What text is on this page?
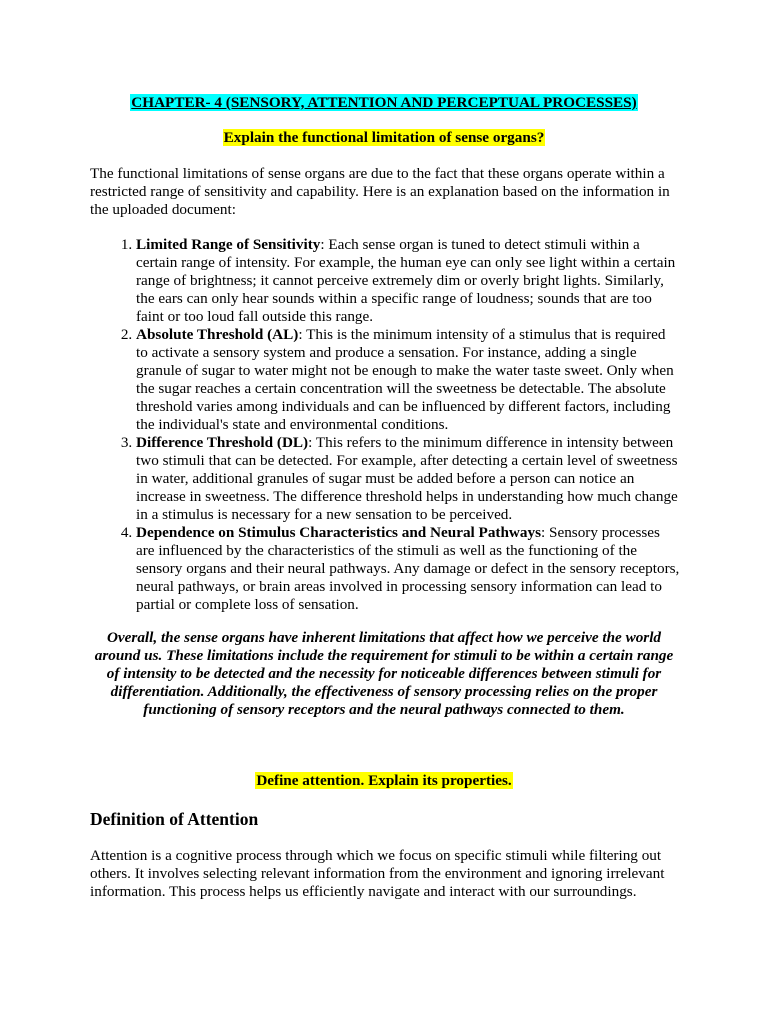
CHAPTER- 4 (SENSORY, ATTENTION AND PERCEPTUAL PROCESSES)
Explain the functional limitation of sense organs?

The functional limitations of sense organs are due to the fact that these organs operate within a restricted range of sensitivity and capability. Here is an explanation based on the information in the uploaded document:

1. Limited Range of Sensitivity: Each sense organ is tuned to detect stimuli within a certain range of intensity. For example, the human eye can only see light within a certain range of brightness; it cannot perceive extremely dim or overly bright lights. Similarly, the ears can only hear sounds within a specific range of loudness; sounds that are too faint or too loud fall outside this range.
2. Absolute Threshold (AL): This is the minimum intensity of a stimulus that is required to activate a sensory system and produce a sensation. For instance, adding a single granule of sugar to water might not be enough to make the water taste sweet. Only when the sugar reaches a certain concentration will the sweetness be detectable. The absolute threshold varies among individuals and can be influenced by different factors, including the individual's state and environmental conditions.
3. Difference Threshold (DL): This refers to the minimum difference in intensity between two stimuli that can be detected. For example, after detecting a certain level of sweetness in water, additional granules of sugar must be added before a person can notice an increase in sweetness. The difference threshold helps in understanding how much change in a stimulus is necessary for a new sensation to be perceived.
4. Dependence on Stimulus Characteristics and Neural Pathways: Sensory processes are influenced by the characteristics of the stimuli as well as the functioning of the sensory organs and their neural pathways. Any damage or defect in the sensory receptors, neural pathways, or brain areas involved in processing sensory information can lead to partial or complete loss of sensation.

Overall, the sense organs have inherent limitations that affect how we perceive the world around us. These limitations include the requirement for stimuli to be within a certain range of intensity to be detected and the necessity for noticeable differences between stimuli for differentiation. Additionally, the effectiveness of sensory processing relies on the proper functioning of sensory receptors and the neural pathways connected to them.

Define attention. Explain its properties.
Definition of Attention

Attention is a cognitive process through which we focus on specific stimuli while filtering out others. It involves selecting relevant information from the environment and ignoring irrelevant information. This process helps us efficiently navigate and interact with our surroundings.
